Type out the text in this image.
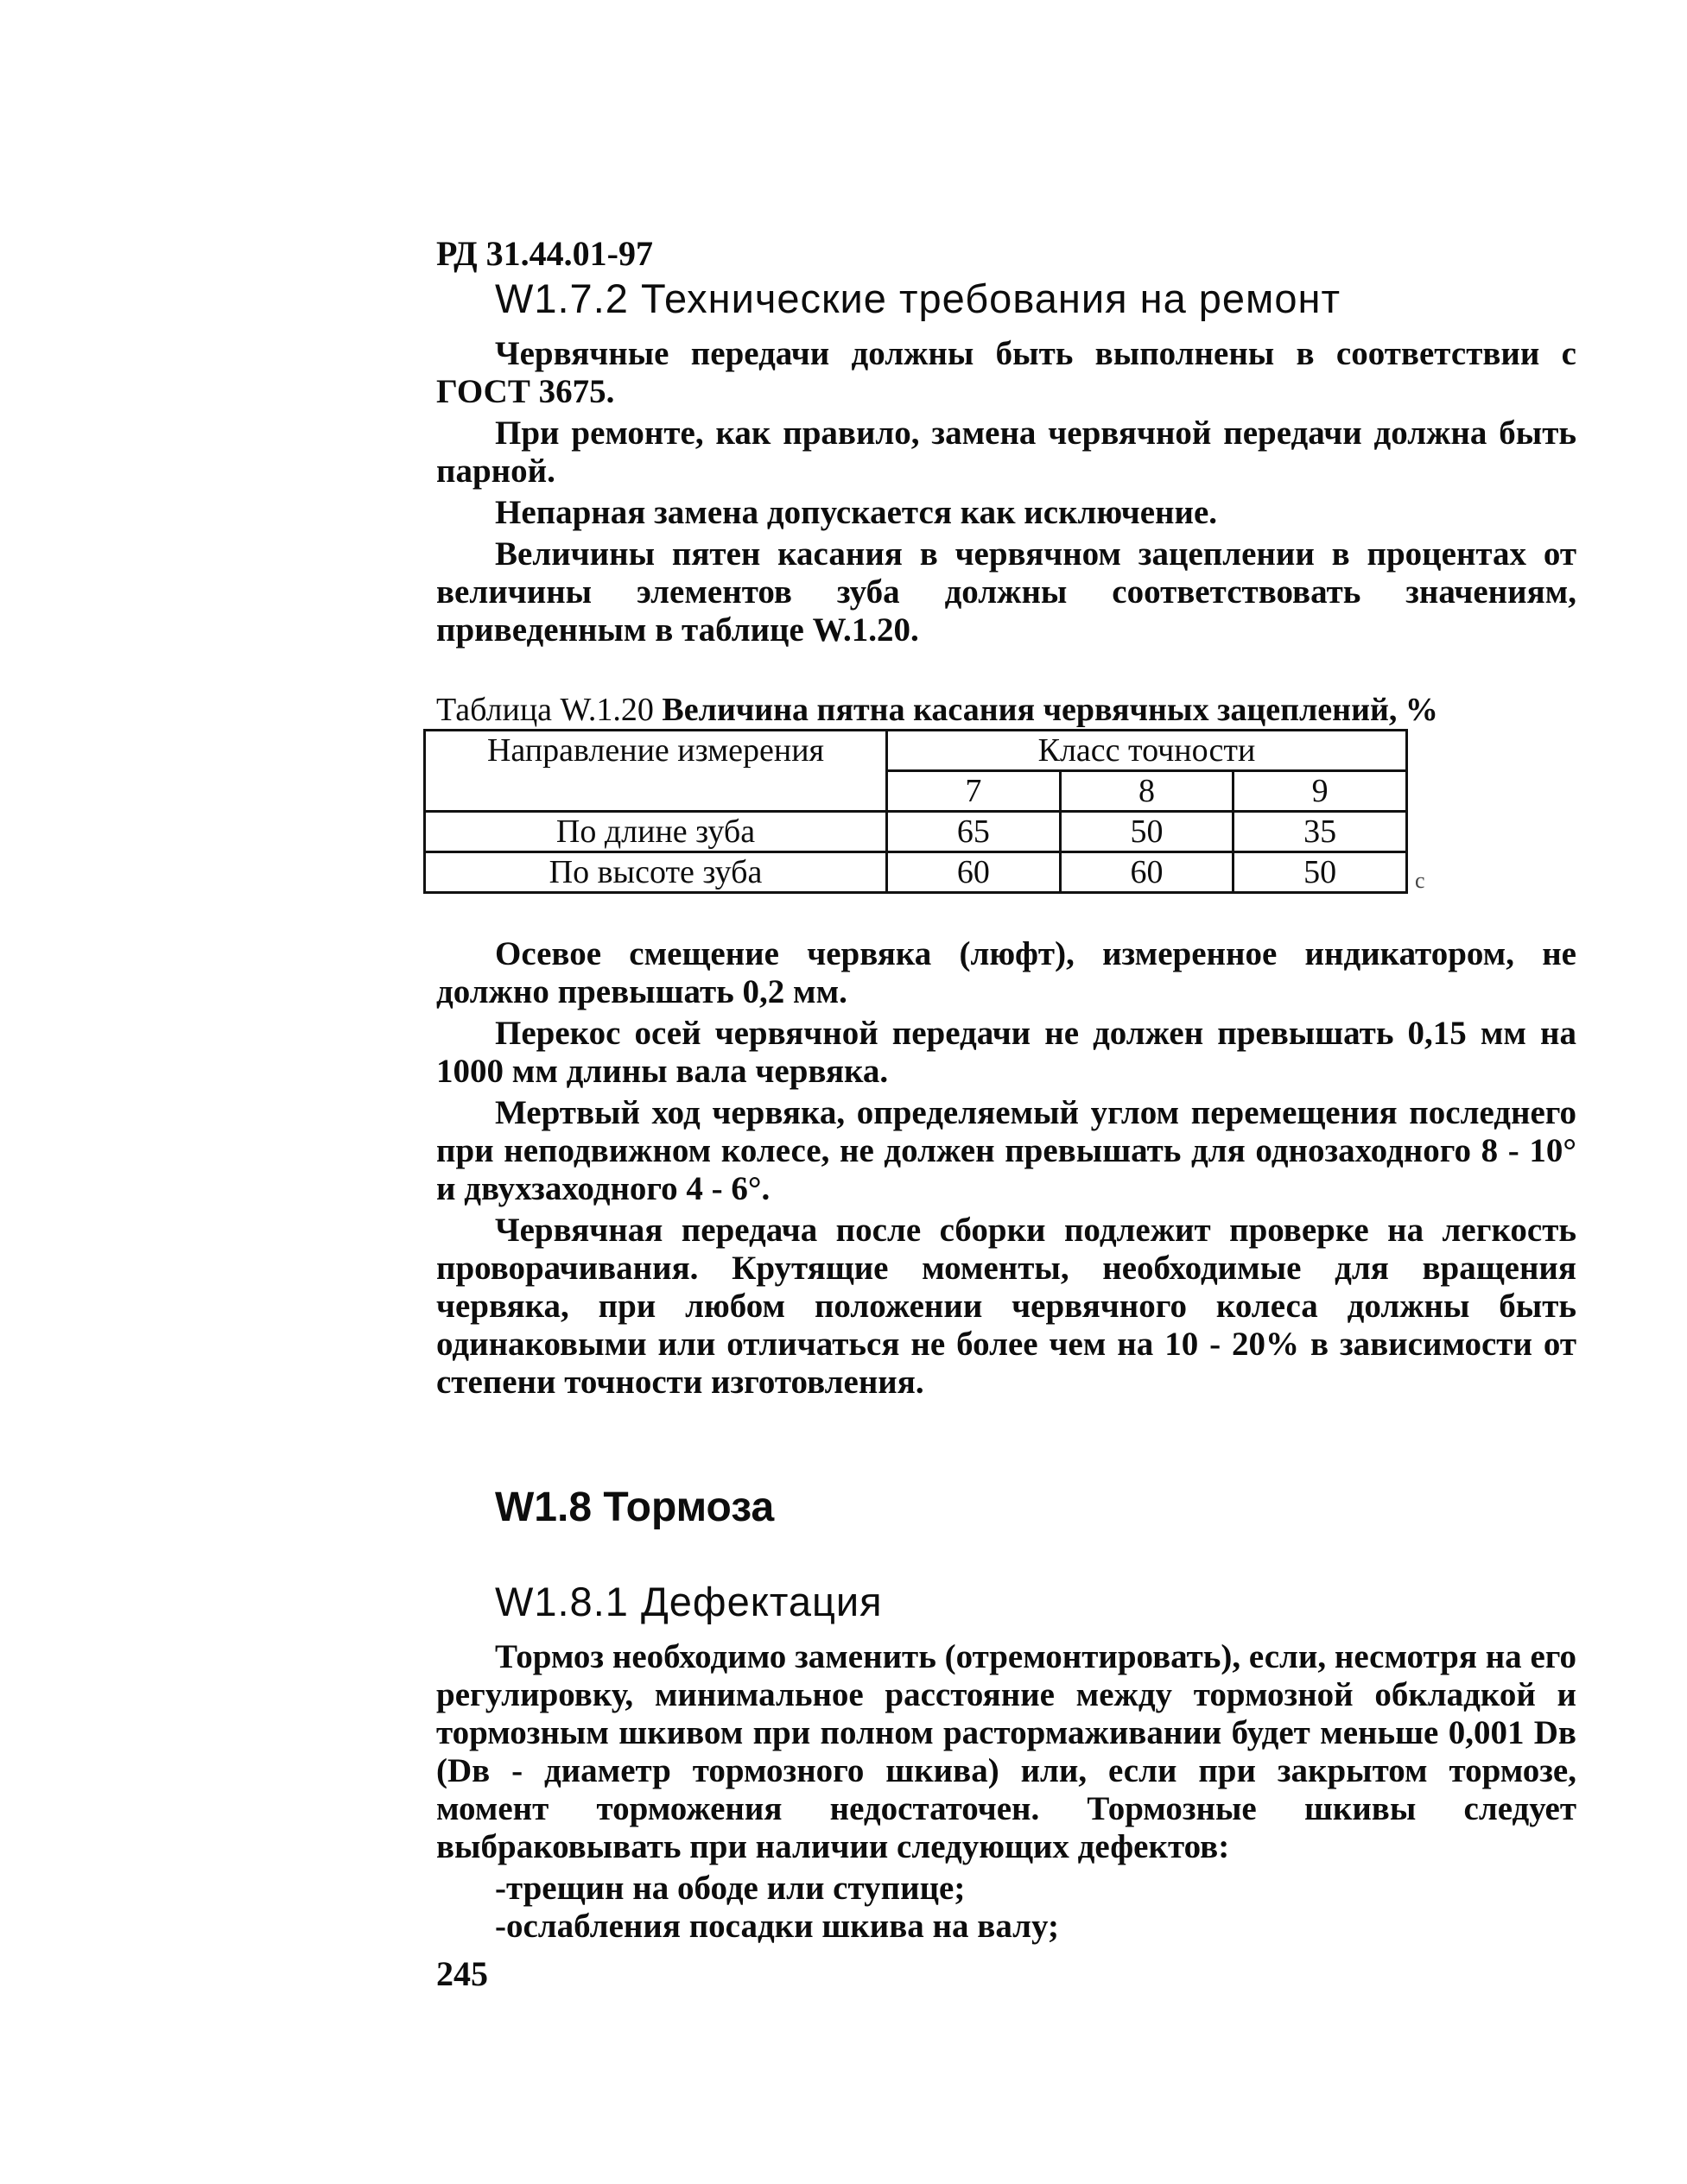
РД 31.44.01-97

W1.7.2 Технические требования на ремонт

Червячные передачи должны быть выполнены в соответствии с ГОСТ 3675.

При ремонте, как правило, замена червячной передачи должна быть парной.

Непарная замена допускается как исключение.

Величины пятен касания в червячном зацеплении в процентах от величины элементов зуба должны соответствовать значениям, приведенным в таблице W.1.20.

Таблица W.1.20 Величина пятна касания червячных зацеплений, %

Направление измерения	Класс точности		
	7	8	9
По длине зуба	65	50	35
По высоте зуба	60	60	50

Осевое смещение червяка (люфт), измеренное индикатором, не должно превышать 0,2 мм.

Перекос осей червячной передачи не должен превышать 0,15 мм на 1000 мм длины вала червяка.

Мертвый ход червяка, определяемый углом перемещения последнего при неподвижном колесе, не должен превышать для однозаходного 8 - 10° и двухзаходного 4 - 6°.

Червячная передача после сборки подлежит проверке на легкость проворачивания. Крутящие моменты, необходимые для вращения червяка, при любом положении червячного колеса должны быть одинаковыми или отличаться не более чем на 10 - 20% в зависимости от степени точности изготовления.

W1.8 Тормоза
W1.8.1 Дефектация

Тормоз необходимо заменить (отремонтировать), если, несмотря на его регулировку, минимальное расстояние между тормозной обкладкой и тормозным шкивом при полном растормаживании будет меньше 0,001 Dв (Dв - диаметр тормозного шкива) или, если при закрытом тормозе, момент торможения недостаточен. Тормозные шкивы следует выбраковывать при наличии следующих дефектов:

-трещин на ободе или ступице;

-ослабления посадки шкива на валу;

с
245
